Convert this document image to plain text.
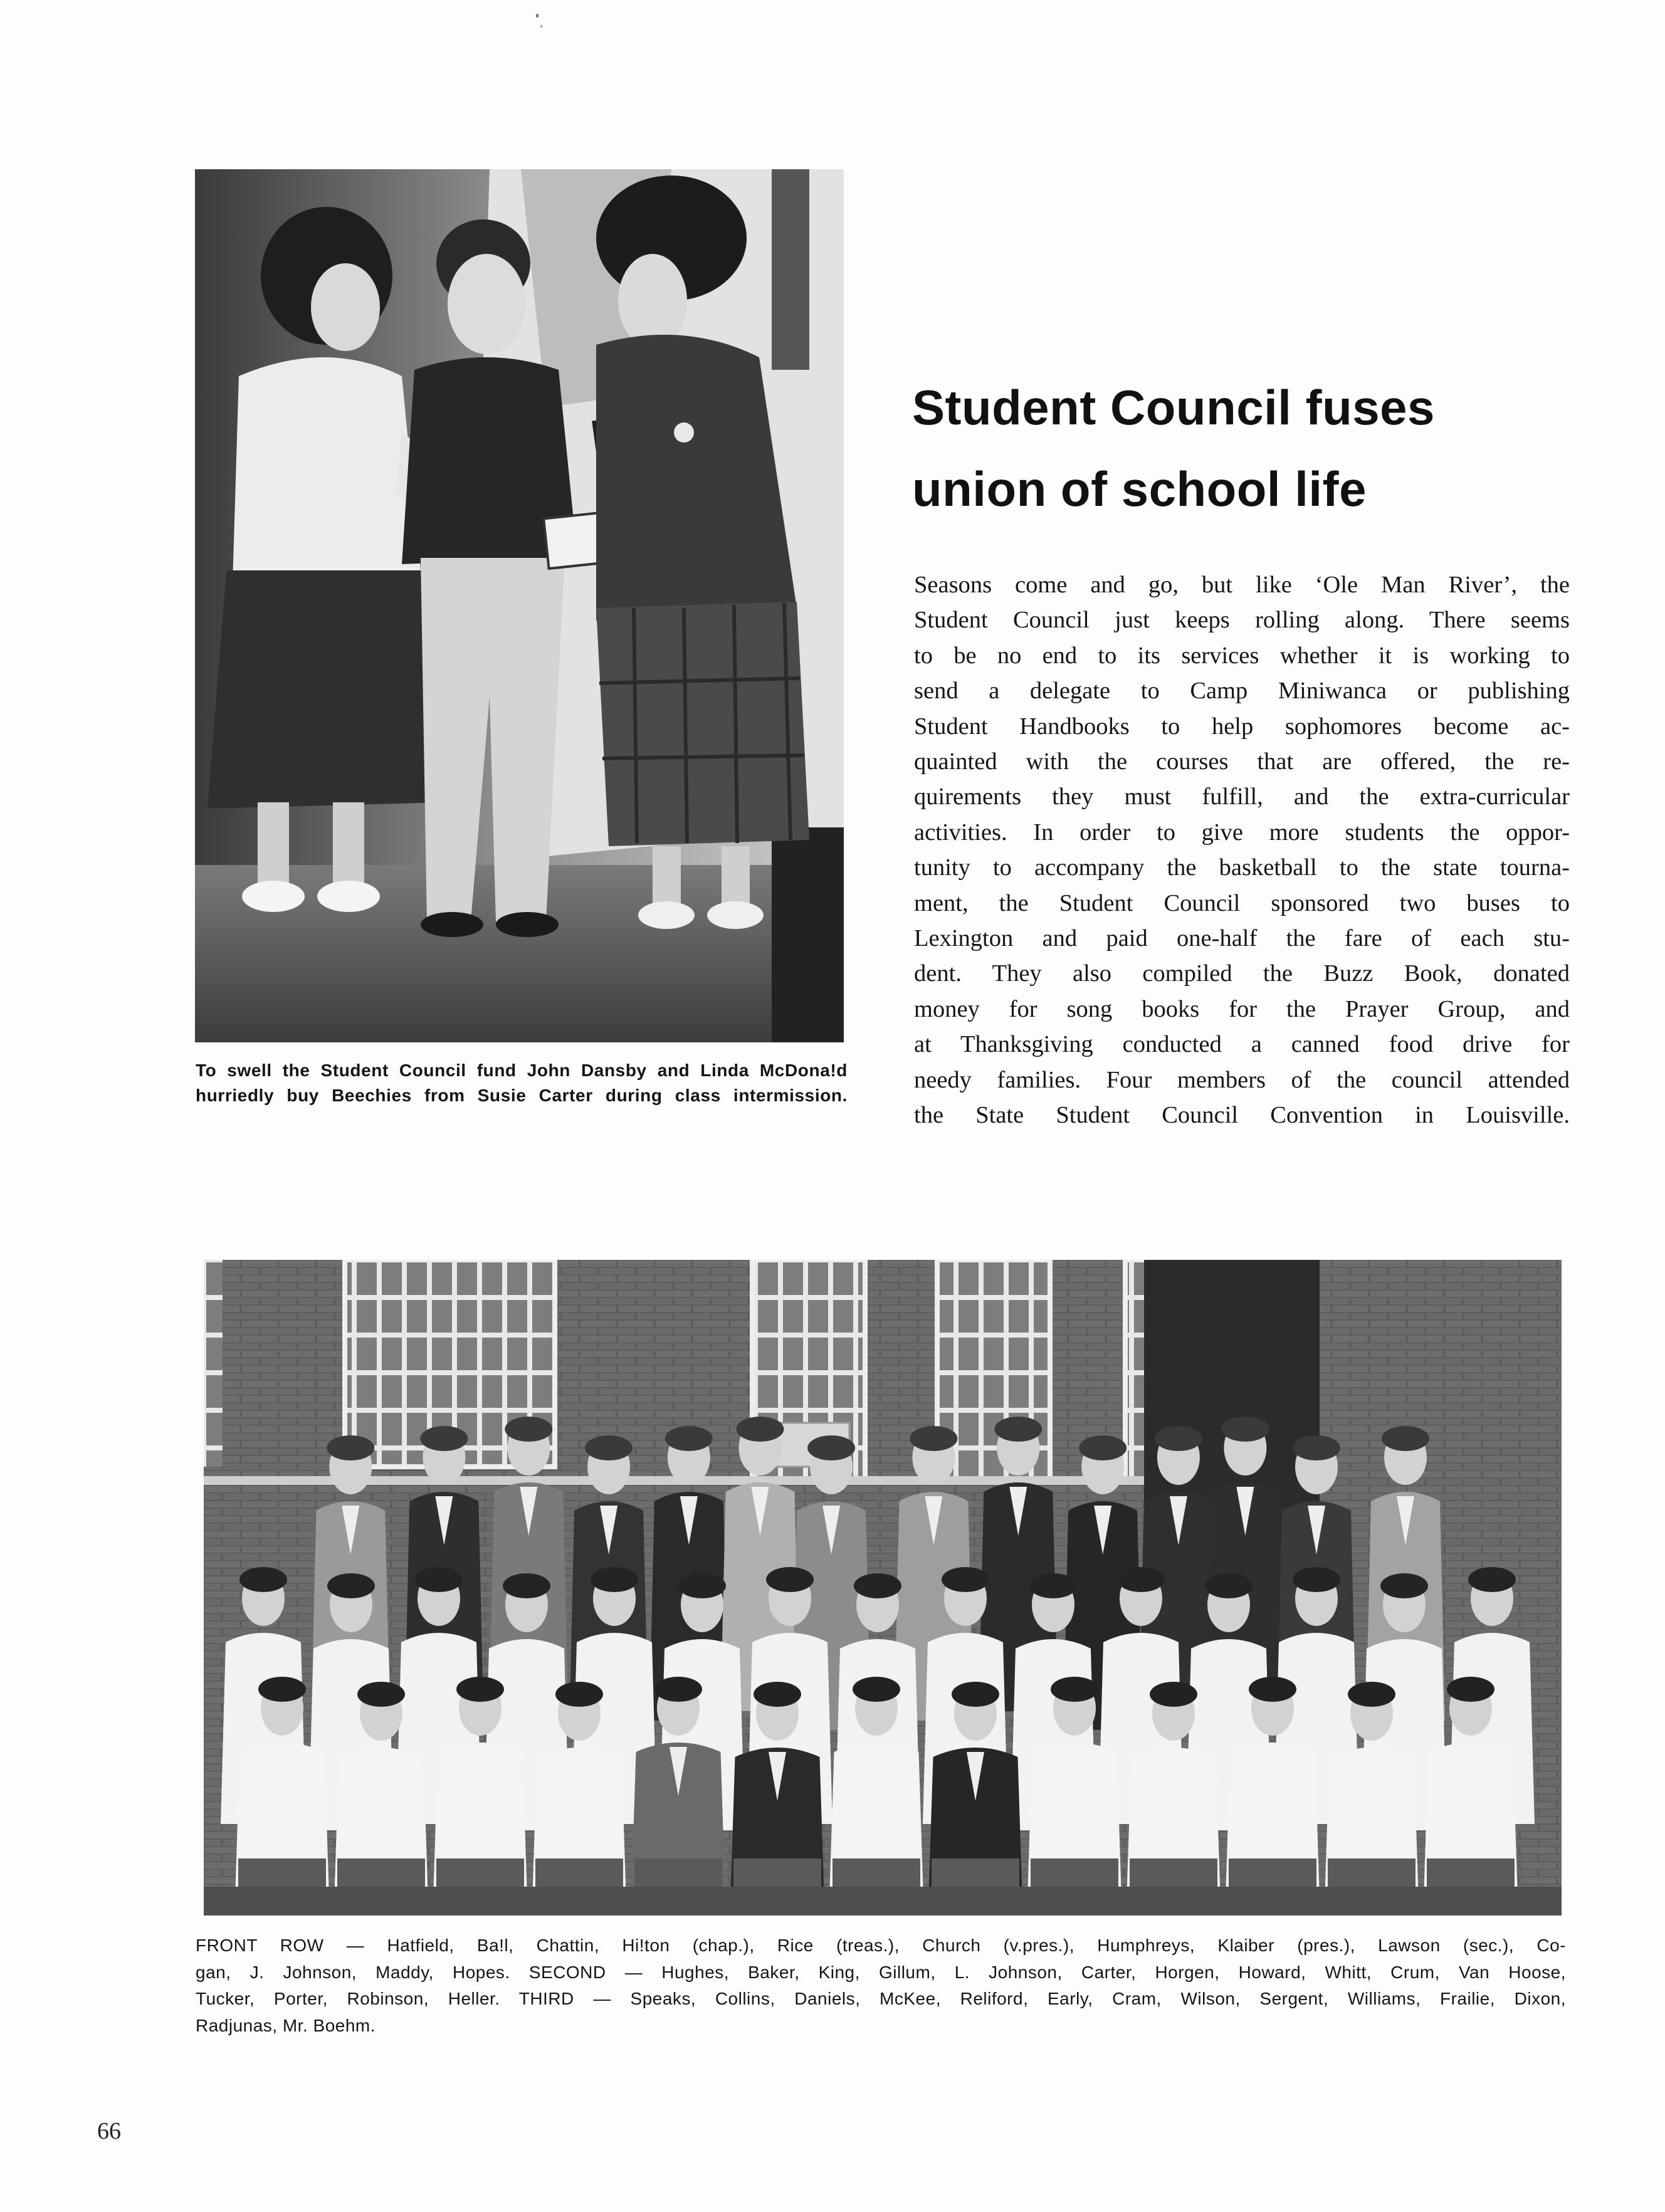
To swell the Student Council fund John Dansby and Linda McDona!d
hurriedly buy Beechies from Susie Carter during class intermission.
Student Council fuses
union of school life
Seasons come and go, but like ‘Ole Man River’, the
Student Council just keeps rolling along. There seems
to be no end to its services whether it is working to
send a delegate to Camp Miniwanca or publishing
Student Handbooks to help sophomores become ac-
quainted with the courses that are offered, the re-
quirements they must fulfill, and the extra-curricular
activities. In order to give more students the oppor-
tunity to accompany the basketball to the state tourna-
ment, the Student Council sponsored two buses to
Lexington and paid one-half the fare of each stu-
dent. They also compiled the Buzz Book, donated
money for song books for the Prayer Group, and
at Thanksgiving conducted a canned food drive for
needy families. Four members of the council attended
the State Student Council Convention in Louisville.
FRONT ROW — Hatfield, Ba!l, Chattin, Hi!ton (chap.), Rice (treas.), Church (v.pres.), Humphreys, Klaiber (pres.), Lawson (sec.), Co-
gan, J. Johnson, Maddy, Hopes. SECOND — Hughes, Baker, King, Gillum, L. Johnson, Carter, Horgen, Howard, Whitt, Crum, Van Hoose,
Tucker, Porter, Robinson, Heller. THIRD — Speaks, Collins, Daniels, McKee, Reliford, Early, Cram, Wilson, Sergent, Williams, Frailie, Dixon,
Radjunas, Mr. Boehm.
66
